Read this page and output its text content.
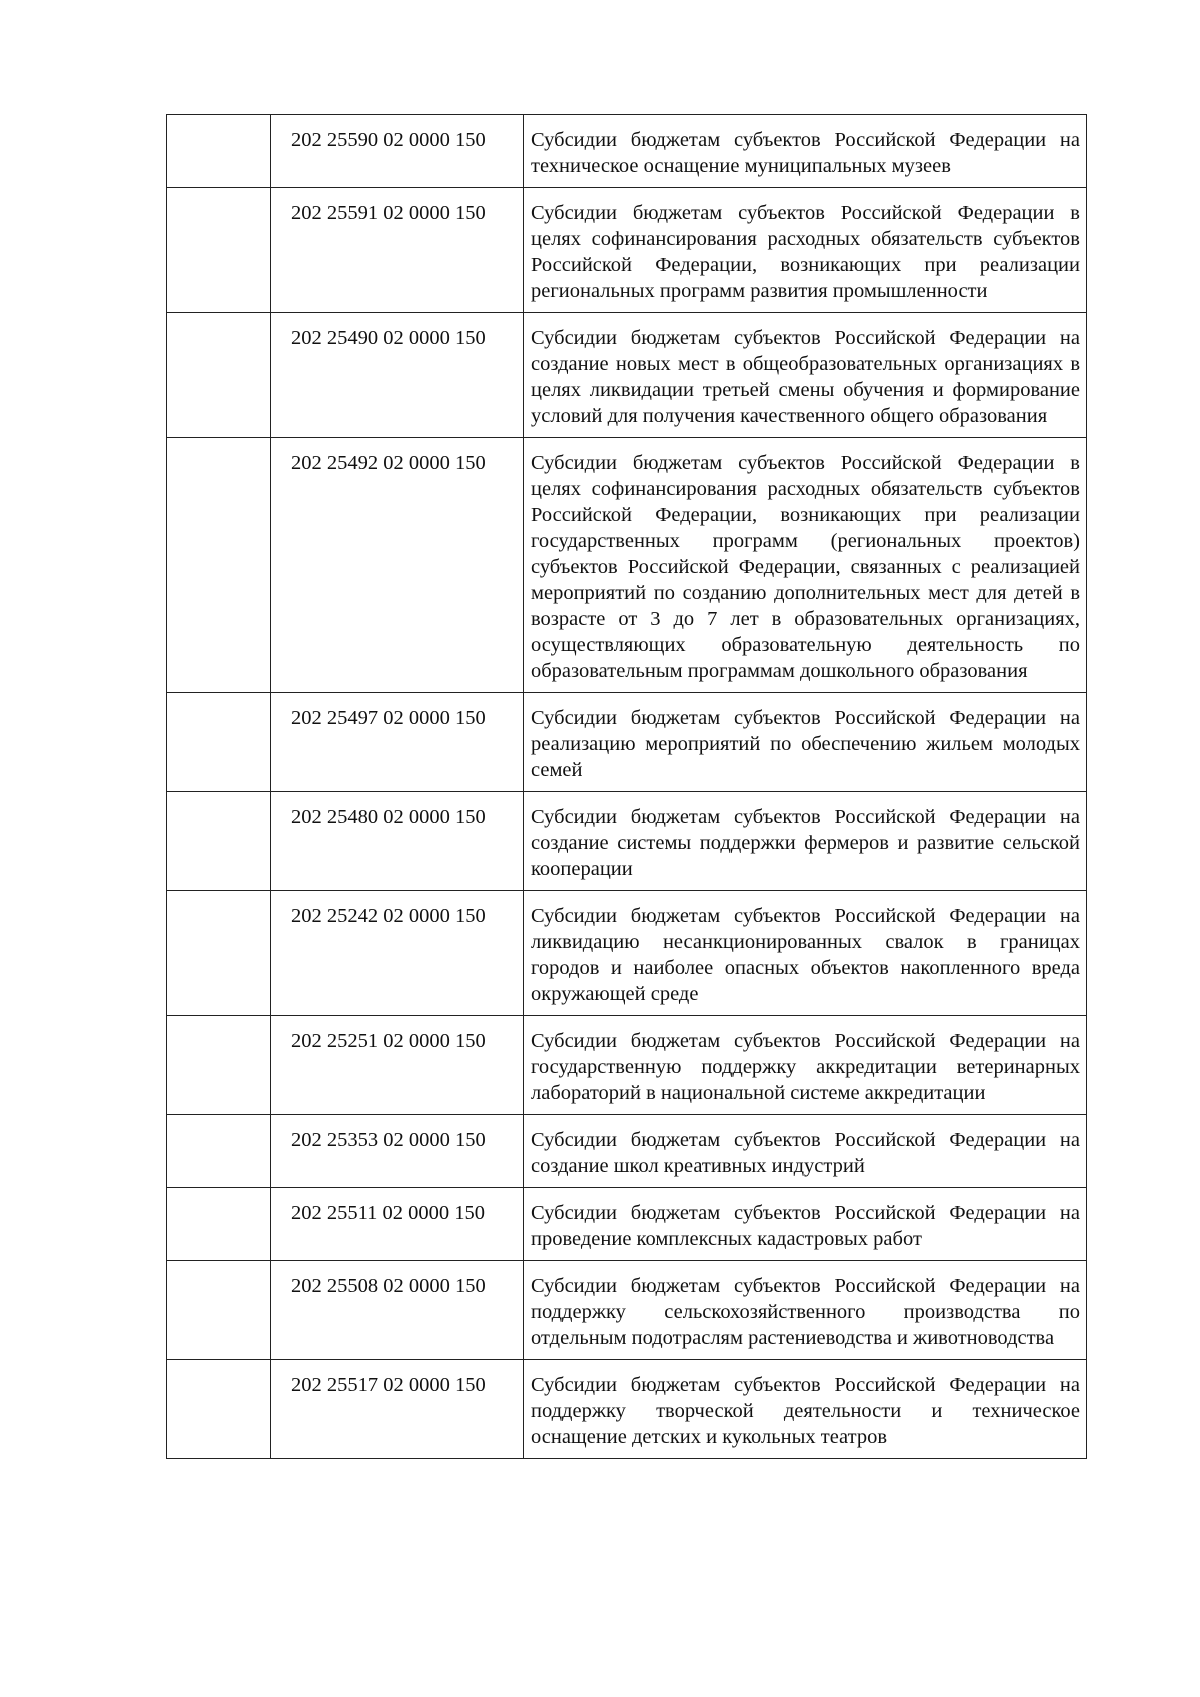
	202 25590 02 0000 150	Субсидии бюджетам субъектов Российской Федерации на техническое оснащение муниципальных музеев
	202 25591 02 0000 150	Субсидии бюджетам субъектов Российской Федерации в целях софинансирования расходных обязательств субъектов Российской Федерации, возникающих при реализации региональных программ развития промышленности
	202 25490 02 0000 150	Субсидии бюджетам субъектов Российской Федерации на создание новых мест в общеобразовательных организациях в целях ликвидации третьей смены обучения и формирование условий для получения качественного общего образования
	202 25492 02 0000 150	Субсидии бюджетам субъектов Российской Федерации в целях софинансирования расходных обязательств субъектов Российской Федерации, возникающих при реализации государственных программ (региональных проектов) субъектов Российской Федерации, связанных с реализацией мероприятий по созданию дополнительных мест для детей в возрасте от 3 до 7 лет в образовательных организациях, осуществляющих образовательную деятельность по образовательным программам дошкольного образования
	202 25497 02 0000 150	Субсидии бюджетам субъектов Российской Федерации на реализацию мероприятий по обеспечению жильем молодых семей
	202 25480 02 0000 150	Субсидии бюджетам субъектов Российской Федерации на создание системы поддержки фермеров и развитие сельской кооперации
	202 25242 02 0000 150	Субсидии бюджетам субъектов Российской Федерации на ликвидацию несанкционированных свалок в границах городов и наиболее опасных объектов накопленного вреда окружающей среде
	202 25251 02 0000 150	Субсидии бюджетам субъектов Российской Федерации на государственную поддержку аккредитации ветеринарных лабораторий в национальной системе аккредитации
	202 25353 02 0000 150	Субсидии бюджетам субъектов Российской Федерации на создание школ креативных индустрий
	202 25511 02 0000 150	Субсидии бюджетам субъектов Российской Федерации на проведение комплексных кадастровых работ
	202 25508 02 0000 150	Субсидии бюджетам субъектов Российской Федерации на поддержку сельскохозяйственного производства по отдельным подотраслям растениеводства и животноводства
	202 25517 02 0000 150	Субсидии бюджетам субъектов Российской Федерации на поддержку творческой деятельности и техническое оснащение детских и кукольных театров
